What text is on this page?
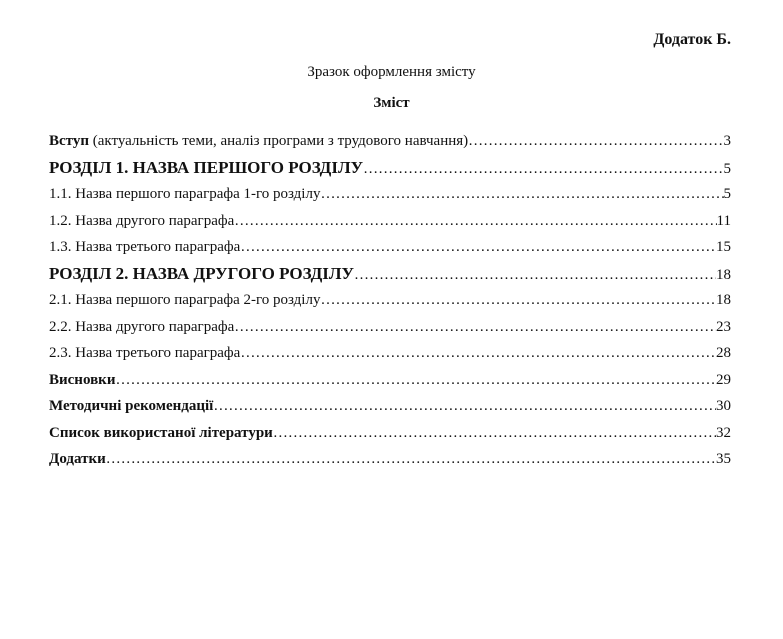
Додаток Б.
Зразок оформлення змісту
Зміст
Вступ (актуальність теми, аналіз програми з трудового навчання) …………………………………………………………………………………………………………………………………………………………	3
РОЗДІЛ 1. НАЗВА ПЕРШОГО РОЗДІЛУ …………………………………………………………………………………………………………………………………………………………	5
1.1. Назва першого параграфа 1-го розділу …………………………………………………………………………………………………………………………………………………………	5
1.2. Назва другого параграфа …………………………………………………………………………………………………………………………………………………………	11
1.3. Назва третього параграфа …………………………………………………………………………………………………………………………………………………………	15
РОЗДІЛ 2. НАЗВА ДРУГОГО РОЗДІЛУ …………………………………………………………………………………………………………………………………………………………	18
2.1. Назва першого параграфа 2-го розділу …………………………………………………………………………………………………………………………………………………………	18
2.2. Назва другого параграфа …………………………………………………………………………………………………………………………………………………………	23
2.3. Назва третього параграфа …………………………………………………………………………………………………………………………………………………………	28
Висновки …………………………………………………………………………………………………………………………………………………………	29
Методичні рекомендації …………………………………………………………………………………………………………………………………………………………	30
Список використаної літератури …………………………………………………………………………………………………………………………………………………………	32
Додатки …………………………………………………………………………………………………………………………………………………………	35
